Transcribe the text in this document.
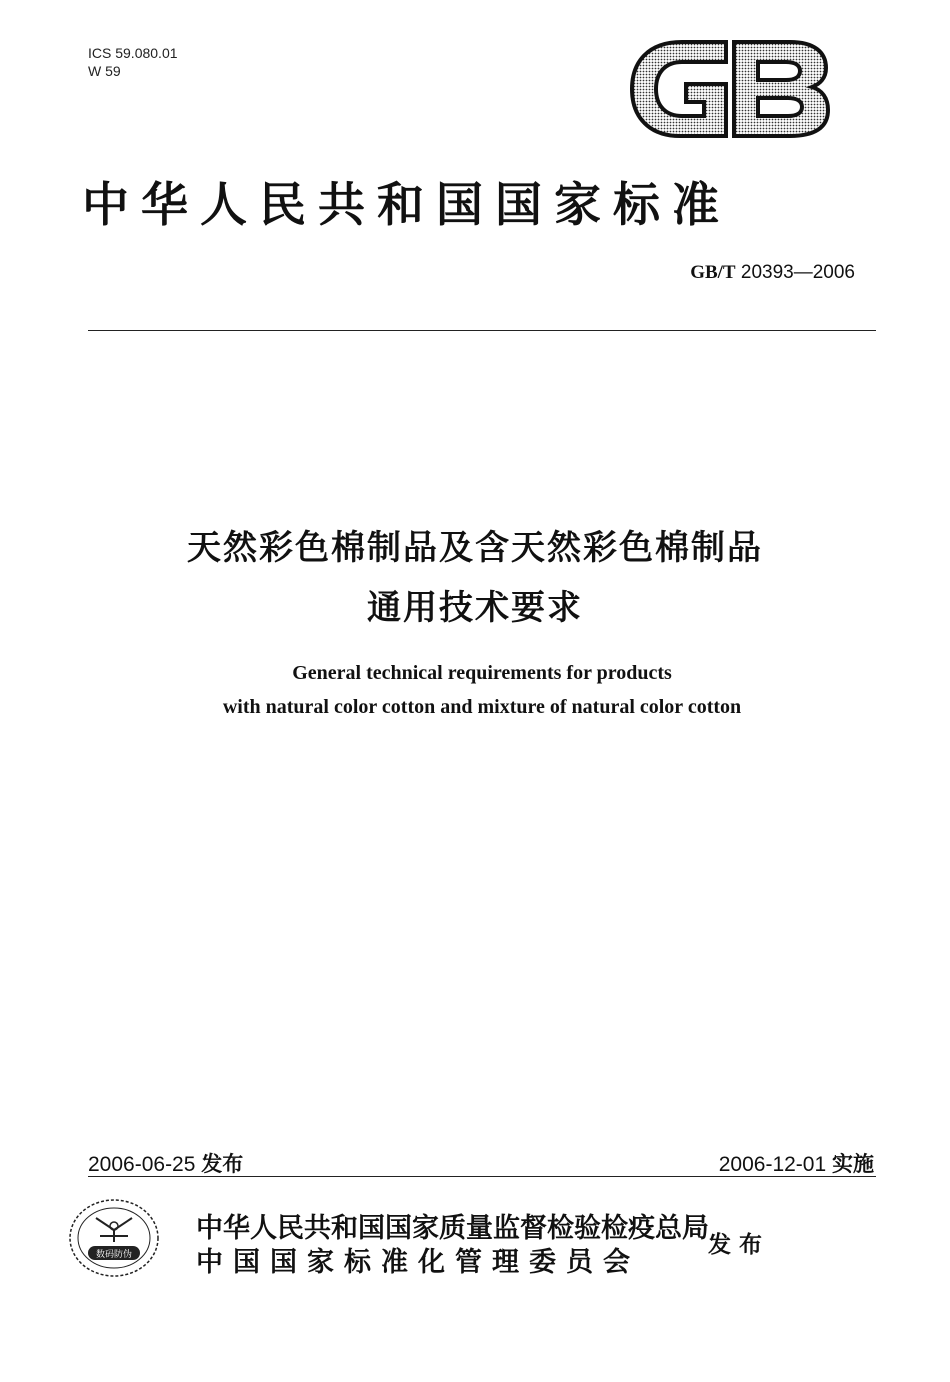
ICS 59.080.01
W 59
中华人民共和国国家标准
GB/T 20393—2006
天然彩色棉制品及含天然彩色棉制品
通用技术要求
General technical requirements for products
with natural color cotton and mixture of natural color cotton
2006-06-25 发布	2006-12-01 实施
数码防伪
中华人民共和国国家质量监督检验检疫总局
中国国家标准化管理委员会
发布
